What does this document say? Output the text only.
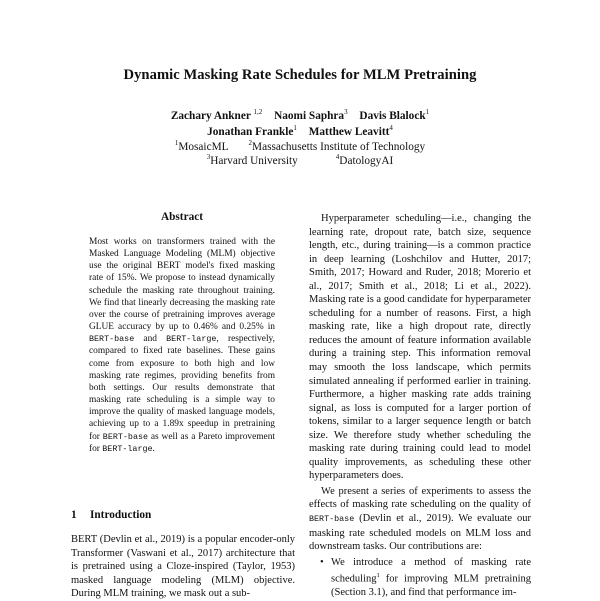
Dynamic Masking Rate Schedules for MLM Pretraining
Zachary Ankner $^{1,2}$ Naomi Saphra$^3$ Davis Blalock$^1$
Jonathan Frankle$^1$ Matthew Leavitt$^4$
$^1$MosaicML	$^2$Massachusetts Institute of Technology
$^3$Harvard University	$^4$DatologyAI
Abstract

Most works on transformers trained with the Masked Language Modeling (MLM) objective use the original BERT model's fixed masking rate of 15%. We propose to instead dynamically schedule the masking rate throughout training. We find that linearly decreasing the masking rate over the course of pretraining improves average GLUE accuracy by up to 0.46% and 0.25% in BERT-base and BERT-large, respectively, compared to fixed rate baselines. These gains come from exposure to both high and low masking rate regimes, providing benefits from both settings. Our results demonstrate that masking rate scheduling is a simple way to improve the quality of masked language models, achieving up to a 1.89x speedup in pretraining for BERT-base as well as a Pareto improvement for BERT-large.

1 Introduction

BERT (Devlin et al., 2019) is a popular encoder-only Transformer (Vaswani et al., 2017) architecture that is pretrained using a Cloze-inspired (Taylor, 1953) masked language modeling (MLM) objective. During MLM training, we mask out a sub-

Hyperparameter scheduling—i.e., changing the learning rate, dropout rate, batch size, sequence length, etc., during training—is a common practice in deep learning (Loshchilov and Hutter, 2017; Smith, 2017; Howard and Ruder, 2018; Morerio et al., 2017; Smith et al., 2018; Li et al., 2022). Masking rate is a good candidate for hyperparameter scheduling for a number of reasons. First, a high masking rate, like a high dropout rate, directly reduces the amount of feature information available during a training step. This information removal may smooth the loss landscape, which permits simulated annealing if performed earlier in training. Furthermore, a higher masking rate adds training signal, as loss is computed for a larger portion of tokens, similar to a larger sequence length or batch size. We therefore study whether scheduling the masking rate during training could lead to model quality improvements, as scheduling these other hyperparameters does.

We present a series of experiments to assess the effects of masking rate scheduling on the quality of BERT-base (Devlin et al., 2019). We evaluate our masking rate scheduled models on MLM loss and downstream tasks. Our contributions are:

• We introduce a method of masking rate scheduling$^1$ for improving MLM pretraining (Section 3.1), and find that performance im-
